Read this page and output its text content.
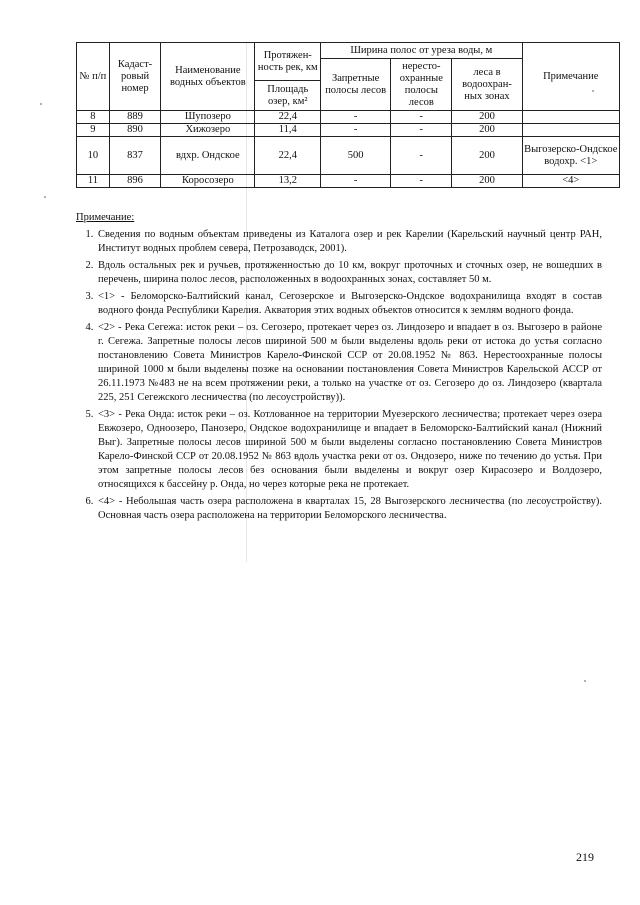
№ п/п	Кадаст-ровый номер	Наименование водных объектов	Протяжен-ность рек, км	Ширина полос от уреза воды, м			Примечание
				Запретные полосы лесов	нересто-охранные полосы лесов	леса в водоохран-ных зонах	
			Площадь озер, км²				
8	889	Шупозеро	22,4	-	-	200	
9	890	Хижозеро	11,4	-	-	200	
10	837	вдхр. Ондское	22,4	500	-	200	Выгозерско-Ондское водохр. <1>
11	896	Коросозеро	13,2	-	-	200	<4>
Примечание:
1. Сведения по водным объектам приведены из Каталога озер и рек Карелии (Карельский научный центр РАН, Институт водных проблем севера, Петрозаводск, 2001).
2. Вдоль остальных рек и ручьев, протяженностью до 10 км, вокруг проточных и сточных озер, не вошедших в перечень, ширина полос лесов, расположенных в водоохранных зонах, составляет 50 м.
3. <1> - Беломорско-Балтийский канал, Сегозерское и Выгозерско-Ондское водохранилища входят в состав водного фонда Республики Карелия. Акватория этих водных объектов относится к землям водного фонда.
4. <2> - Река Сегежа: исток реки – оз. Сегозеро, протекает через оз. Линдозеро и впадает в оз. Выгозеро в районе г. Сегежа. Запретные полосы лесов шириной 500 м были выделены вдоль реки от истока до устья согласно постановлению Совета Министров Карело-Финской ССР от 20.08.1952 № 863. Нерестоохранные полосы шириной 1000 м были выделены позже на основании постановления Совета Министров Карельской АССР от 26.11.1973 №483 не на всем протяжении реки, а только на участке от оз. Сегозеро до оз. Линдозеро (квартала 225, 251 Сегежского лесничества (по лесоустройству)).
5. <3> - Река Онда: исток реки – оз. Котлованное на территории Муезерского лесничества; протекает через озера Евжозеро, Одноозеро, Панозеро, Ондское водохранилище и впадает в Беломорско-Балтийский канал (Нижний Выг). Запретные полосы лесов шириной 500 м были выделены согласно постановлению Совета Министров Карело-Финской ССР от 20.08.1952 № 863 вдоль участка реки от оз. Ондозеро, ниже по течению до устья. При этом запретные полосы лесов без основания были выделены и вокруг озер Кирасозеро и Волдозеро, относящихся к бассейну р. Онда, но через которые река не протекает.
6. <4> - Небольшая часть озера расположена в кварталах 15, 28 Выгозерского лесничества (по лесоустройству). Основная часть озера расположена на территории Беломорского лесничества.
219
